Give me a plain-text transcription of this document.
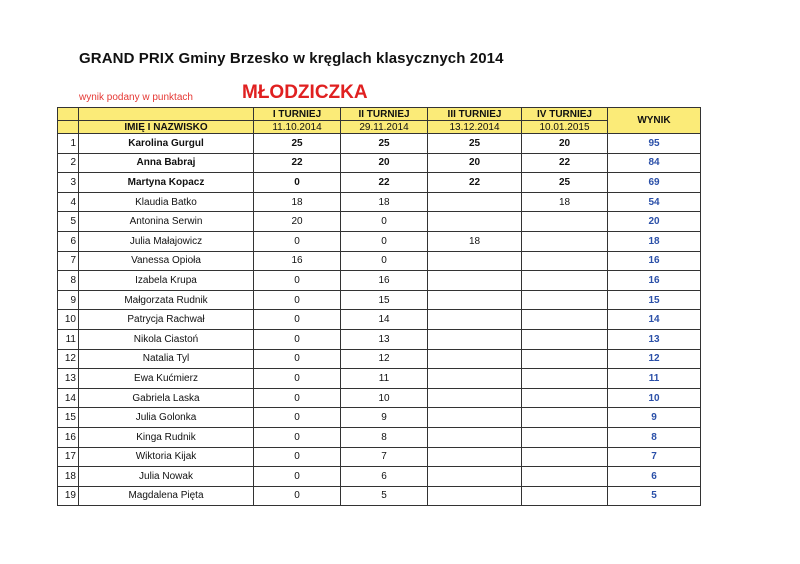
GRAND PRIX Gminy Brzesko w kręglach klasycznych 2014
wynik podany w punktach	MŁODZICZKA
		I TURNIEJ	II TURNIEJ	III TURNIEJ	IV TURNIEJ	WYNIK
	IMIĘ I NAZWISKO	11.10.2014	29.11.2014	13.12.2014	10.01.2015	
1	Karolina Gurgul	25	25	25	20	95
2	Anna Babraj	22	20	20	22	84
3	Martyna Kopacz	0	22	22	25	69
4	Klaudia Batko	18	18		18	54
5	Antonina Serwin	20	0			20
6	Julia Małajowicz	0	0	18		18
7	Vanessa Opioła	16	0			16
8	Izabela Krupa	0	16			16
9	Małgorzata Rudnik	0	15			15
10	Patrycja Rachwał	0	14			14
11	Nikola Ciastoń	0	13			13
12	Natalia Tyl	0	12			12
13	Ewa Kućmierz	0	11			11
14	Gabriela Laska	0	10			10
15	Julia Golonka	0	9			9
16	Kinga Rudnik	0	8			8
17	Wiktoria Kijak	0	7			7
18	Julia Nowak	0	6			6
19	Magdalena Pięta	0	5			5
